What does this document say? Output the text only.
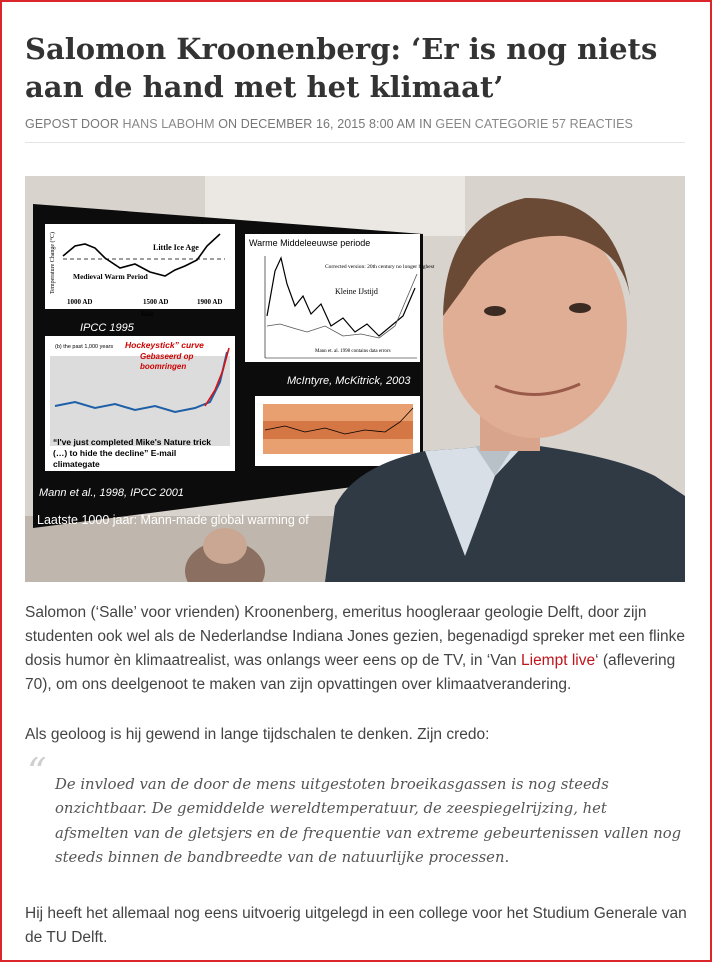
Salomon Kroonenberg: ‘Er is nog niets aan de hand met het klimaat’
GEPOST DOOR HANS LABOHM ON DECEMBER 16, 2015 8:00 AM IN GEEN CATEGORIE 57 REACTIES
Temperature Change (°C)	Little Ice Age
Medieval Warm Period
1000 AD	1500 AD	1900 AD
Year
IPCC 1995
Warme Middeleeuwse periode
Corrected version: 20th century no longer highest
Kleine IJstijd
Mann et. al. 1998 contains data errors
McIntyre, McKitrick, 2003
(b) the past 1,000 years Hockeystick” curve
Gebaseerd op
boomringen
“I've just completed Mike's Nature trick
(…) to hide the decline” E-mail
climategate
Mann et al., 1998, IPCC 2001
Laatste 1000 jaar: Mann-made global warming of

Salomon (‘Salle’ voor vrienden) Kroonenberg, emeritus hoogleraar geologie Delft, door zijn studenten ook wel als de Nederlandse Indiana Jones gezien, begenadigd spreker met een flinke dosis humor èn klimaatrealist, was onlangs weer eens op de TV, in ‘Van Liempt live‘ (aflevering 70), om ons deelgenoot te maken van zijn opvattingen over klimaatverandering.

Als geoloog is hij gewend in lange tijdschalen te denken. Zijn credo:

“ De invloed van de door de mens uitgestoten broeikasgassen is nog steeds onzichtbaar. De gemiddelde wereldtemperatuur, de zeespiegelrijzing, het afsmelten van de gletsjers en de frequentie van extreme gebeurtenissen vallen nog steeds binnen de bandbreedte van de natuurlijke processen.

Hij heeft het allemaal nog eens uitvoerig uitgelegd in een college voor het Studium Generale van de TU Delft.
